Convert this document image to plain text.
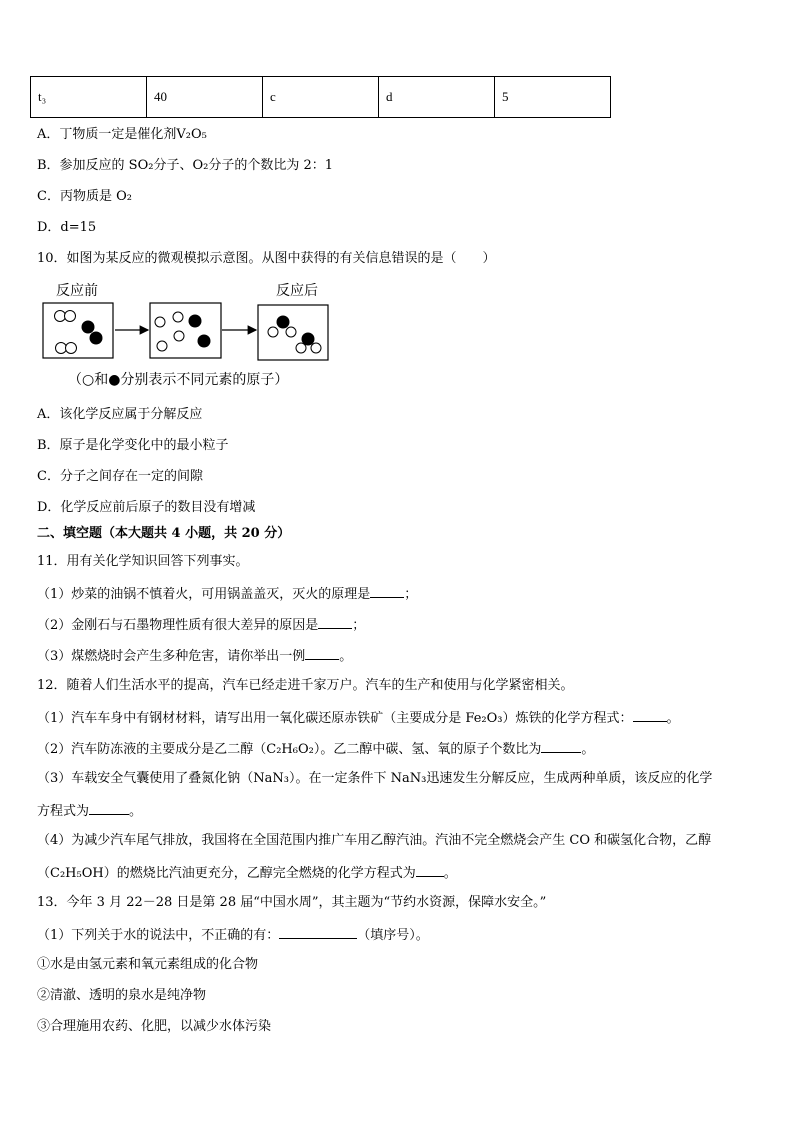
t₃	40	c	d	5
A．丁物质一定是催化剂V₂O₅
B．参加反应的 SO₂分子、O₂分子的个数比为 2：1
C．丙物质是 O₂
D．d=15
10．如图为某反应的微观模拟示意图。从图中获得的有关信息错误的是（　　）
反应前	反应后
（○和●分别表示不同元素的原子）
A．该化学反应属于分解反应
B．原子是化学变化中的最小粒子
C．分子之间存在一定的间隙
D．化学反应前后原子的数目没有增减
二、填空题（本大题共 4 小题，共 20 分）
11．用有关化学知识回答下列事实。
（1）炒菜的油锅不慎着火，可用锅盖盖灭，灭火的原理是	；
（2）金刚石与石墨物理性质有很大差异的原因是	；
（3）煤燃烧时会产生多种危害，请你举出一例	。
12．随着人们生活水平的提高，汽车已经走进千家万户。汽车的生产和使用与化学紧密相关。
（1）汽车车身中有钢材材料，请写出用一氧化碳还原赤铁矿（主要成分是 Fe₂O₃）炼铁的化学方程式：	。
（2）汽车防冻液的主要成分是乙二醇（C₂H₆O₂）。乙二醇中碳、氢、氧的原子个数比为	。
（3）车载安全气囊使用了叠氮化钠（NaN₃）。在一定条件下 NaN₃迅速发生分解反应，生成两种单质，该反应的化学
方程式为	。
（4）为减少汽车尾气排放，我国将在全国范围内推广车用乙醇汽油。汽油不完全燃烧会产生 CO 和碳氢化合物，乙醇
（C₂H₅OH）的燃烧比汽油更充分，乙醇完全燃烧的化学方程式为 。
13．今年 3 月 22－28 日是第 28 届“中国水周”，其主题为“节约水资源，保障水安全。”
（1）下列关于水的说法中，不正确的有：	（填序号）。
①水是由氢元素和氧元素组成的化合物
②清澈、透明的泉水是纯净物
③合理施用农药、化肥，以减少水体污染
